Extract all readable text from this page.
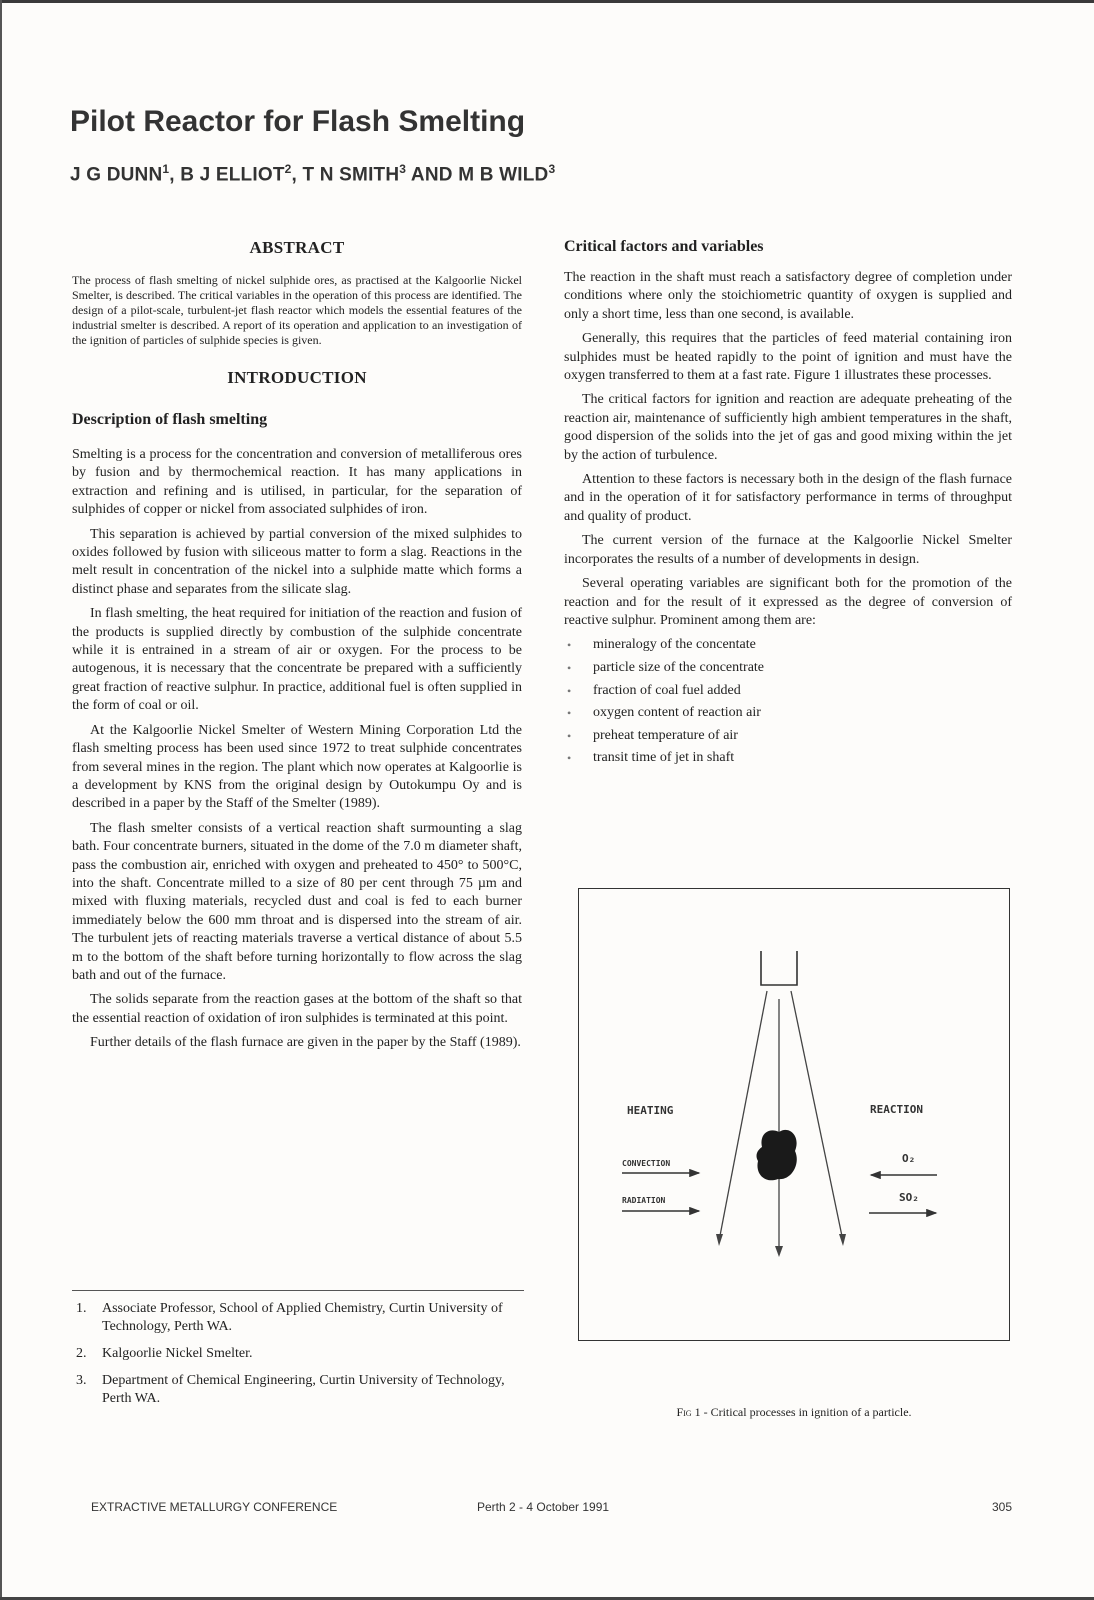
Pilot Reactor for Flash Smelting
J G DUNN$^1$, B J ELLIOT$^2$, T N SMITH$^3$ AND M B WILD$^3$
ABSTRACT

The process of flash smelting of nickel sulphide ores, as practised at the Kalgoorlie Nickel Smelter, is described. The critical variables in the operation of this process are identified. The design of a pilot-scale, turbulent-jet flash reactor which models the essential features of the industrial smelter is described. A report of its operation and application to an investigation of the ignition of particles of sulphide species is given.

INTRODUCTION
Description of flash smelting

Smelting is a process for the concentration and conversion of metalliferous ores by fusion and by thermochemical reaction. It has many applications in extraction and refining and is utilised, in particular, for the separation of sulphides of copper or nickel from associated sulphides of iron.

This separation is achieved by partial conversion of the mixed sulphides to oxides followed by fusion with siliceous matter to form a slag. Reactions in the melt result in concentration of the nickel into a sulphide matte which forms a distinct phase and separates from the silicate slag.

In flash smelting, the heat required for initiation of the reaction and fusion of the products is supplied directly by combustion of the sulphide concentrate while it is entrained in a stream of air or oxygen. For the process to be autogenous, it is necessary that the concentrate be prepared with a sufficiently great fraction of reactive sulphur. In practice, additional fuel is often supplied in the form of coal or oil.

At the Kalgoorlie Nickel Smelter of Western Mining Corporation Ltd the flash smelting process has been used since 1972 to treat sulphide concentrates from several mines in the region. The plant which now operates at Kalgoorlie is a development by KNS from the original design by Outokumpu Oy and is described in a paper by the Staff of the Smelter (1989).

The flash smelter consists of a vertical reaction shaft surmounting a slag bath. Four concentrate burners, situated in the dome of the 7.0 m diameter shaft, pass the combustion air, enriched with oxygen and preheated to 450° to 500°C, into the shaft. Concentrate milled to a size of 80 per cent through 75 µm and mixed with fluxing materials, recycled dust and coal is fed to each burner immediately below the 600 mm throat and is dispersed into the stream of air. The turbulent jets of reacting materials traverse a vertical distance of about 5.5 m to the bottom of the shaft before turning horizontally to flow across the slag bath and out of the furnace.

The solids separate from the reaction gases at the bottom of the shaft so that the essential reaction of oxidation of iron sulphides is terminated at this point.

Further details of the flash furnace are given in the paper by the Staff (1989).

Critical factors and variables

The reaction in the shaft must reach a satisfactory degree of completion under conditions where only the stoichiometric quantity of oxygen is supplied and only a short time, less than one second, is available.

Generally, this requires that the particles of feed material containing iron sulphides must be heated rapidly to the point of ignition and must have the oxygen transferred to them at a fast rate. Figure 1 illustrates these processes.

The critical factors for ignition and reaction are adequate preheating of the reaction air, maintenance of sufficiently high ambient temperatures in the shaft, good dispersion of the solids into the jet of gas and good mixing within the jet by the action of turbulence.

Attention to these factors is necessary both in the design of the flash furnace and in the operation of it for satisfactory performance in terms of throughput and quality of product.

The current version of the furnace at the Kalgoorlie Nickel Smelter incorporates the results of a number of developments in design.

Several operating variables are significant both for the promotion of the reaction and for the result of it expressed as the degree of conversion of reactive sulphur. Prominent among them are:

• mineralogy of the concentate
• particle size of the concentrate
• fraction of coal fuel added
• oxygen content of reaction air
• preheat temperature of air
• transit time of jet in shaft
HEATING	REACTION
CONVECTION
RADIATION
O₂
SO₂
Fig 1 - Critical processes in ignition of a particle.
1.	Associate Professor, School of Applied Chemistry, Curtin University of Technology, Perth WA.
2.	Kalgoorlie Nickel Smelter.
3.	Department of Chemical Engineering, Curtin University of Technology, Perth WA.
EXTRACTIVE METALLURGY CONFERENCE	Perth 2 - 4 October 1991	305
